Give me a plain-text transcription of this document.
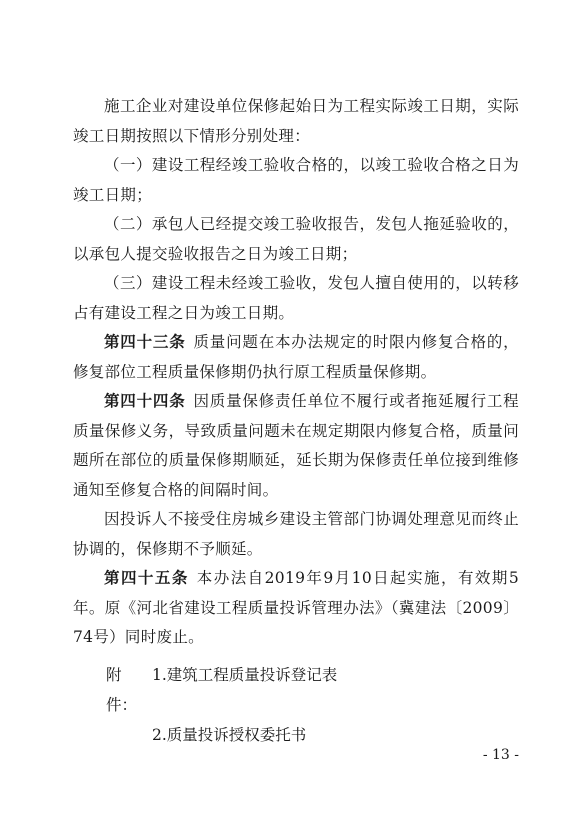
施工企业对建设单位保修起始日为工程实际竣工日期，实际竣工日期按照以下情形分别处理：

（一）建设工程经竣工验收合格的，以竣工验收合格之日为竣工日期；

（二）承包人已经提交竣工验收报告，发包人拖延验收的，以承包人提交验收报告之日为竣工日期；

（三）建设工程未经竣工验收，发包人擅自使用的，以转移占有建设工程之日为竣工日期。

第四十三条 质量问题在本办法规定的时限内修复合格的，修复部位工程质量保修期仍执行原工程质量保修期。

第四十四条 因质量保修责任单位不履行或者拖延履行工程质量保修义务，导致质量问题未在规定期限内修复合格，质量问题所在部位的质量保修期顺延，延长期为保修责任单位接到维修通知至修复合格的间隔时间。

因投诉人不接受住房城乡建设主管部门协调处理意见而终止协调的，保修期不予顺延。

第四十五条 本办法自2019年9月10日起实施，有效期5年。原《河北省建设工程质量投诉管理办法》（冀建法〔2009〕74号）同时废止。

附件：
1.建筑工程质量投诉登记表
2.质量投诉授权委托书
- 13 -
